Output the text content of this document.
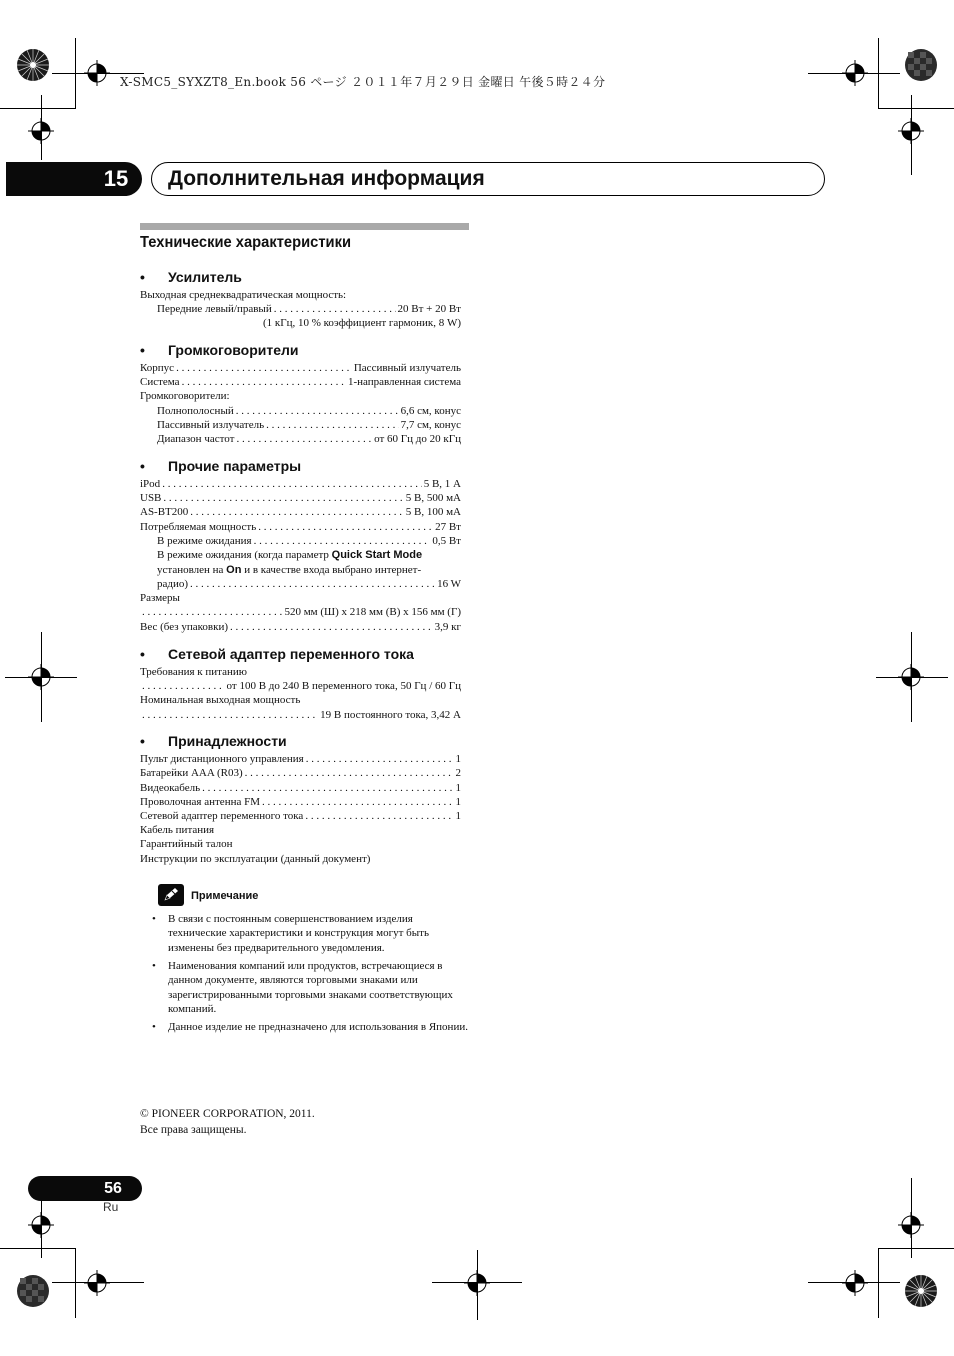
X-SMC5_SYXZT8_En.book 56 ページ ２０１１年７月２９日 金曜日 午後５時２４分
15	Дополнительная информация
Технические характеристики
• Усилитель
Выходная среднеквадратическая мощность:
Передние левый/правый . . .	20 Вт + 20 Вт
(1 кГц, 10 % коэффициент гармоник, 8 W)
• Громкоговорители
Корпус . . .	Пассивный излучатель
Система . . .	1-направленная система
Громкоговорители:
Полнополосный . . .	6,6 см, конус
Пассивный излучатель . . .	7,7 см, конус
Диапазон частот . . .	от 60 Гц до 20 кГц
• Прочие параметры
iPod . . .	5 В, 1 A
USB . . .	5 В, 500 мА
AS-BT200 . . .	5 В, 100 мА
Потребляемая мощность . . .	27 Вт
В режиме ожидания . . .	0,5 Вт
В режиме ожидания (когда параметр Quick Start Mode
установлен на On и в качестве входа выбрано интернет-
радио) . . .	16 W
Размеры
. . .
520 мм (Ш) x 218 мм (В) x 156 мм (Г)
Вес (без упаковки) . . .	3,9 кг
• Сетевой адаптер переменного тока
Требования к питанию
. . .
от 100 В до 240 В переменного тока, 50 Гц / 60 Гц
Номинальная выходная мощность
. . .
19 В постоянного тока, 3,42 A
• Принадлежности
Пульт дистанционного управления . . .	1
Батарейки AAA (R03) . . .	2
Видеокабель . . .	1
Проволочная антенна FM . . .	1
Сетевой адаптер переменного тока . . .	1
Кабель питания
Гарантийный талон
Инструкции по эксплуатации (данный документ)
Примечание
• В связи с постоянным совершенствованием изделия технические характеристики и конструкция могут быть изменены без предварительного уведомления.
• Наименования компаний или продуктов, встречающиеся в данном документе, являются торговыми знаками или зарегистрированными торговыми знаками соответствующих компаний.
• Данное изделие не предназначено для использования в Японии.
© PIONEER CORPORATION, 2011.
Все права защищены.
56
Ru
